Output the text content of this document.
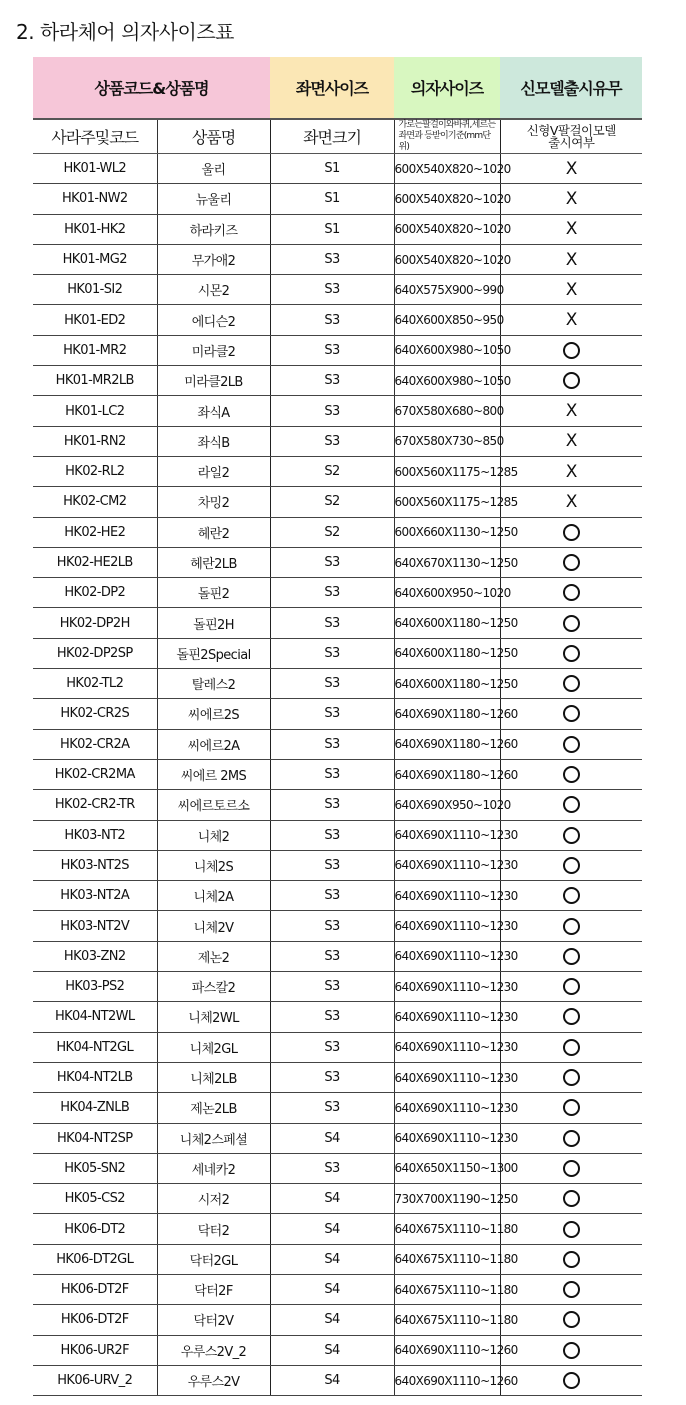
2. 하라체어 의자사이즈표
상품코드&상품명	좌면사이즈	의자사이즈	신모델출시유무
사라주및코드	상품명	좌면크기	
가로는팔걸이와바퀴,세르는
좌면과 등받이기준(mm단위)

신형V팔걸이모델
출시여부

HK01-WL2	울리	S1	600X540X820~1020	X
HK01-NW2	뉴울리	S1	600X540X820~1020	X
HK01-HK2	하라키즈	S1	600X540X820~1020	X
HK01-MG2	무가애2	S3	600X540X820~1020	X
HK01-SI2	시몬2	S3	640X575X900~990	X
HK01-ED2	에디슨2	S3	640X600X850~950	X
HK01-MR2	미라클2	S3	640X600X980~1050	
HK01-MR2LB	미라클2LB	S3	640X600X980~1050	
HK01-LC2	좌식A	S3	670X580X680~800	X
HK01-RN2	좌식B	S3	670X580X730~850	X
HK02-RL2	라일2	S2	600X560X1175~1285	X
HK02-CM2	차밍2	S2	600X560X1175~1285	X
HK02-HE2	헤란2	S2	600X660X1130~1250	
HK02-HE2LB	헤란2LB	S3	640X670X1130~1250	
HK02-DP2	돌핀2	S3	640X600X950~1020	
HK02-DP2H	돌핀2H	S3	640X600X1180~1250	
HK02-DP2SP	돌핀2Special	S3	640X600X1180~1250	
HK02-TL2	탈레스2	S3	640X600X1180~1250	
HK02-CR2S	씨에르2S	S3	640X690X1180~1260	
HK02-CR2A	씨에르2A	S3	640X690X1180~1260	
HK02-CR2MA	씨에르 2MS	S3	640X690X1180~1260	
HK02-CR2-TR	씨에르토르소	S3	640X690X950~1020	
HK03-NT2	니체2	S3	640X690X1110~1230	
HK03-NT2S	니체2S	S3	640X690X1110~1230	
HK03-NT2A	니체2A	S3	640X690X1110~1230	
HK03-NT2V	니체2V	S3	640X690X1110~1230	
HK03-ZN2	제논2	S3	640X690X1110~1230	
HK03-PS2	파스칼2	S3	640X690X1110~1230	
HK04-NT2WL	니체2WL	S3	640X690X1110~1230	
HK04-NT2GL	니체2GL	S3	640X690X1110~1230	
HK04-NT2LB	니체2LB	S3	640X690X1110~1230	
HK04-ZNLB	제논2LB	S3	640X690X1110~1230	
HK04-NT2SP	니체2스페셜	S4	640X690X1110~1230	
HK05-SN2	세네카2	S3	640X650X1150~1300	
HK05-CS2	시저2	S4	730X700X1190~1250	
HK06-DT2	닥터2	S4	640X675X1110~1180	
HK06-DT2GL	닥터2GL	S4	640X675X1110~1180	
HK06-DT2F	닥터2F	S4	640X675X1110~1180	
HK06-DT2F	닥터2V	S4	640X675X1110~1180	
HK06-UR2F	우루스2V_2	S4	640X690X1110~1260	
HK06-URV_2	우루스2V	S4	640X690X1110~1260	
